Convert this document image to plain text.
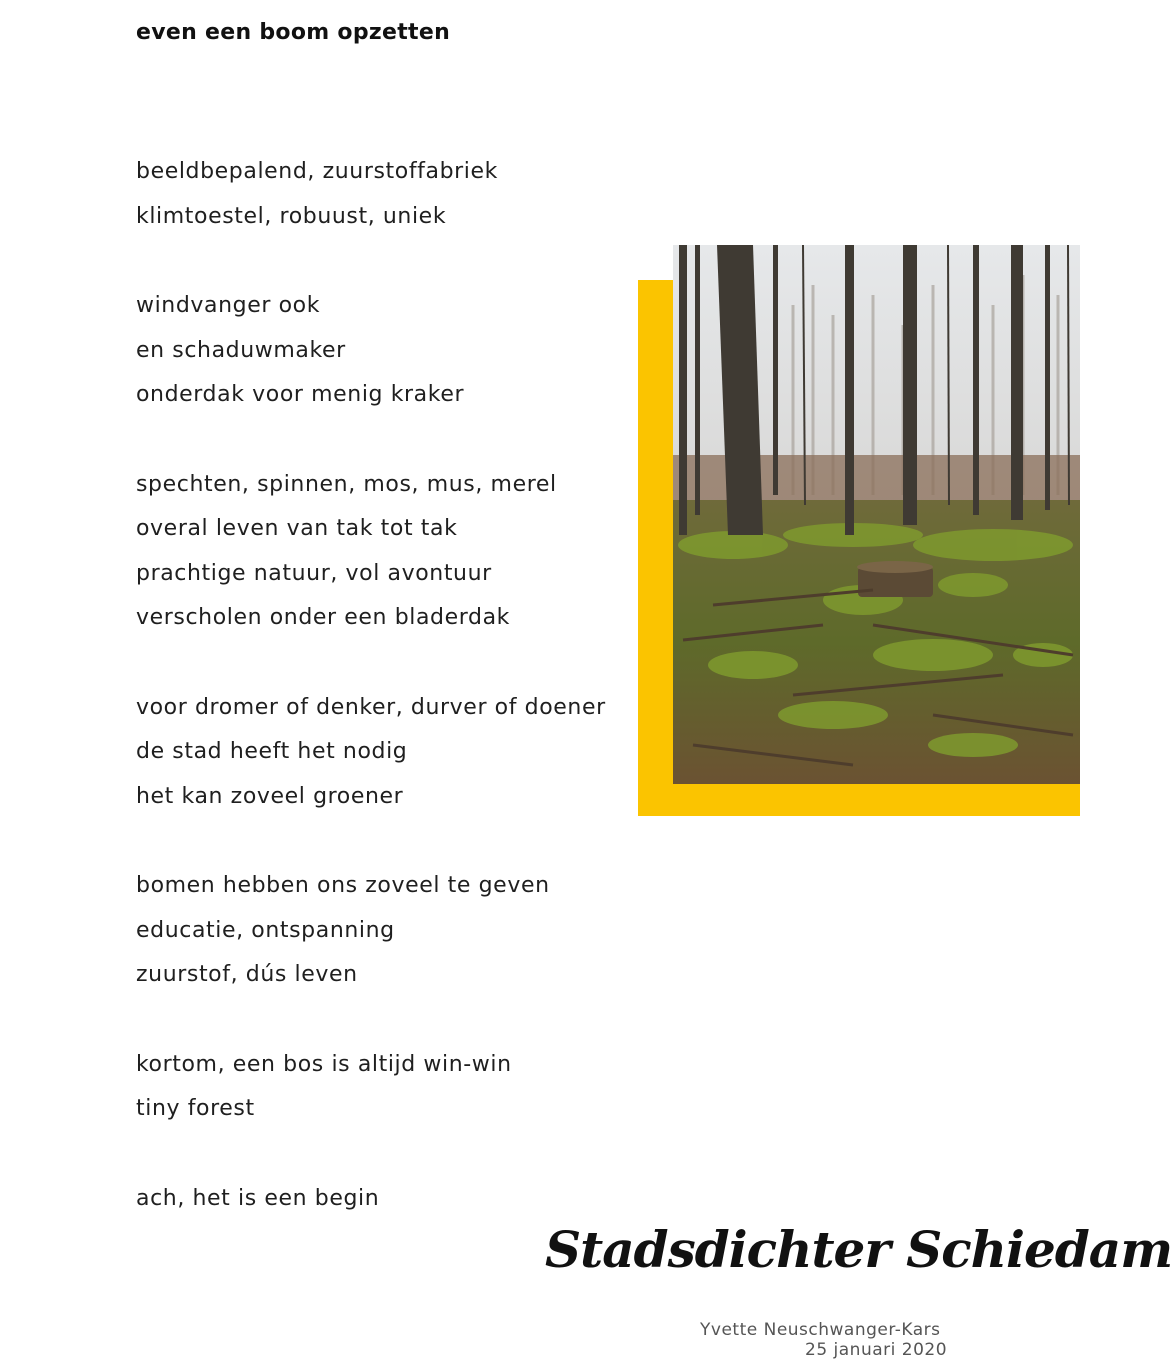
even een boom opzetten
beeldbepalend, zuurstoffabriek
klimtoestel, robuust, uniek
windvanger ook
en schaduwmaker
onderdak voor menig kraker
spechten, spinnen, mos, mus, merel
overal leven van tak tot tak
prachtige natuur, vol avontuur
verscholen onder een bladerdak
voor dromer of denker, durver of doener
de stad heeft het nodig
het kan zoveel groener
bomen hebben ons zoveel te geven
educatie, ontspanning
zuurstof, dús leven
kortom, een bos is altijd win-win
tiny forest
ach, het is een begin
Stadsdichter Schiedam
Yvette Neuschwanger-Kars
25 januari 2020
